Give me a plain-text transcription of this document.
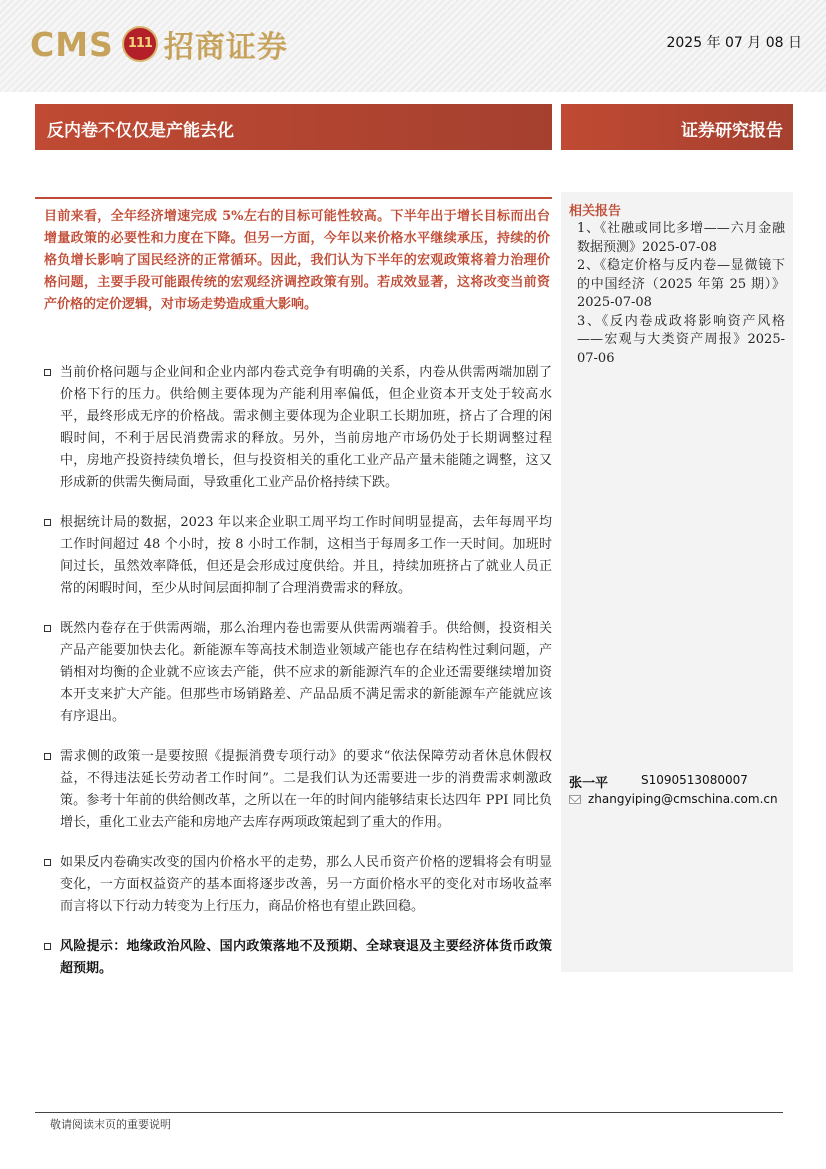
CMS 111 招商证券	2025 年 07 月 08 日
反内卷不仅仅是产能去化	证券研究报告
目前来看，全年经济增速完成 5%左右的目标可能性较高。下半年出于增长目标而出台增量政策的必要性和力度在下降。但另一方面，今年以来价格水平继续承压，持续的价格负增长影响了国民经济的正常循环。因此，我们认为下半年的宏观政策将着力治理价格问题，主要手段可能跟传统的宏观经济调控政策有别。若成效显著，这将改变当前资产价格的定价逻辑，对市场走势造成重大影响。
当前价格问题与企业间和企业内部内卷式竞争有明确的关系，内卷从供需两端加剧了价格下行的压力。供给侧主要体现为产能利用率偏低，但企业资本开支处于较高水平，最终形成无序的价格战。需求侧主要体现为企业职工长期加班，挤占了合理的闲暇时间，不利于居民消费需求的释放。另外，当前房地产市场仍处于长期调整过程中，房地产投资持续负增长，但与投资相关的重化工业产品产量未能随之调整，这又形成新的供需失衡局面，导致重化工业产品价格持续下跌。
根据统计局的数据，2023 年以来企业职工周平均工作时间明显提高，去年每周平均工作时间超过 48 个小时，按 8 小时工作制，这相当于每周多工作一天时间。加班时间过长，虽然效率降低，但还是会形成过度供给。并且，持续加班挤占了就业人员正常的闲暇时间，至少从时间层面抑制了合理消费需求的释放。
既然内卷存在于供需两端，那么治理内卷也需要从供需两端着手。供给侧，投资相关产品产能要加快去化。新能源车等高技术制造业领域产能也存在结构性过剩问题，产销相对均衡的企业就不应该去产能，供不应求的新能源汽车的企业还需要继续增加资本开支来扩大产能。但那些市场销路差、产品品质不满足需求的新能源车产能就应该有序退出。
需求侧的政策一是要按照《提振消费专项行动》的要求“依法保障劳动者休息休假权益，不得违法延长劳动者工作时间”。二是我们认为还需要进一步的消费需求刺激政策。参考十年前的供给侧改革，之所以在一年的时间内能够结束长达四年 PPI 同比负增长，重化工业去产能和房地产去库存两项政策起到了重大的作用。
如果反内卷确实改变的国内价格水平的走势，那么人民币资产价格的逻辑将会有明显变化，一方面权益资产的基本面将逐步改善，另一方面价格水平的变化对市场收益率而言将以下行动力转变为上行压力，商品价格也有望止跌回稳。
风险提示：地缘政治风险、国内政策落地不及预期、全球衰退及主要经济体货币政策超预期。
相关报告
1、《社融或同比多增——六月金融数据预测》2025-07-08
2、《稳定价格与反内卷—显微镜下的中国经济（2025 年第 25 期）》2025-07-08
3、《反内卷成政将影响资产风格——宏观与大类资产周报》2025-07-06
张一平	S1090513080007
zhangyiping@cmschina.com.cn
敬请阅读末页的重要说明
